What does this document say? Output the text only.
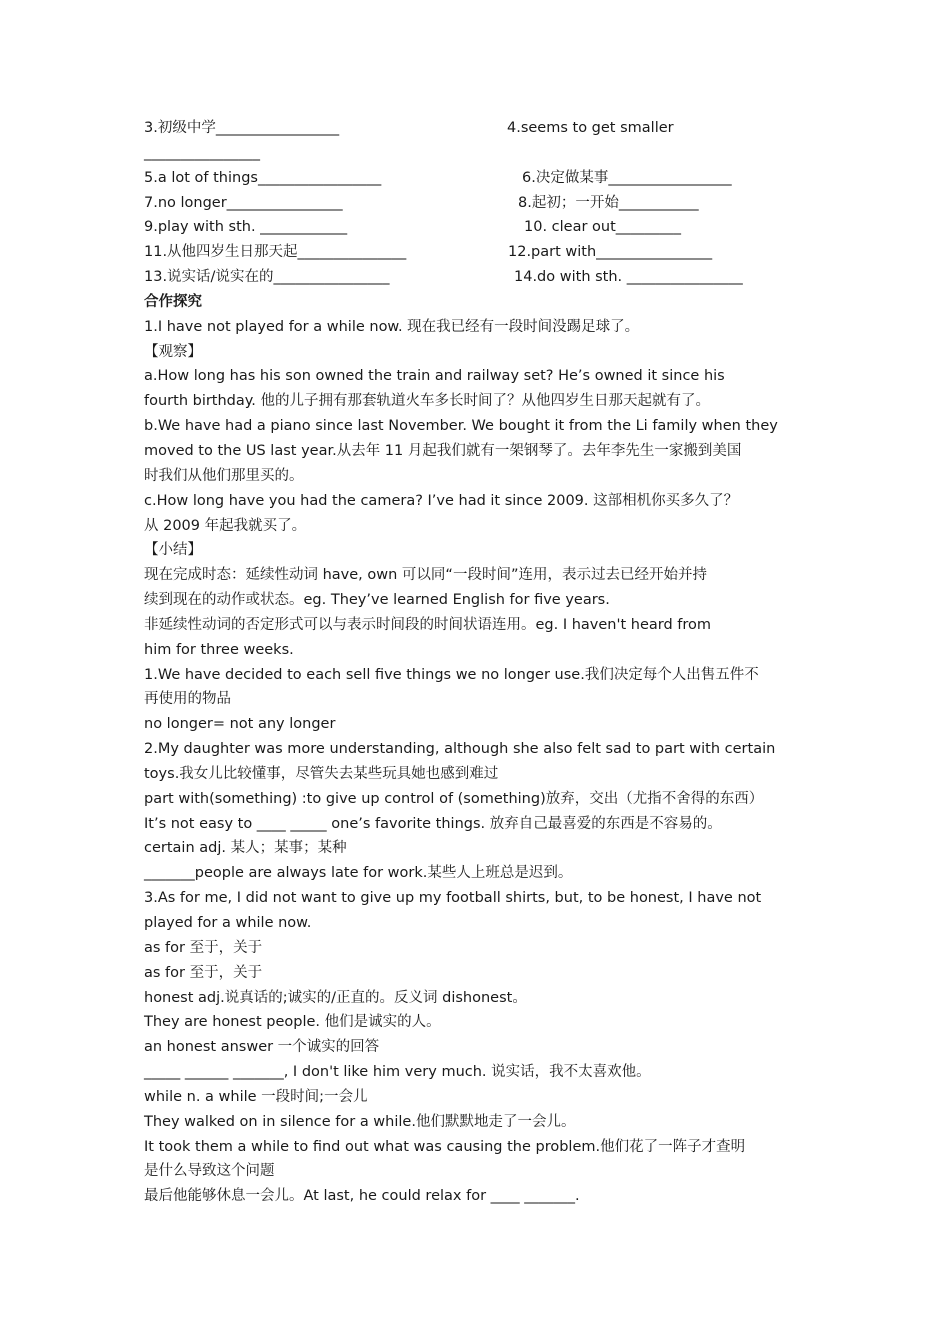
3.初级中学_________________	4.seems to get smaller
________________
5.a lot of things_________________	6.决定做某事_________________
7.no longer________________	8.起初；一开始___________
9.play with sth. ____________	10. clear out_________
11.从他四岁生日那天起_______________	12.part with________________
13.说实话/说实在的________________	14.do with sth. ________________
合作探究
1.I have not played for a while now. 现在我已经有一段时间没踢足球了。
【观察】
a.How long has his son owned the train and railway set? He’s owned it since his
fourth birthday. 他的儿子拥有那套轨道火车多长时间了？从他四岁生日那天起就有了。
b.We have had a piano since last November. We bought it from the Li family when they
moved to the US last year.从去年 11 月起我们就有一架钢琴了。去年李先生一家搬到美国
时我们从他们那里买的。
c.How long have you had the camera? I’ve had it since 2009. 这部相机你买多久了？
从 2009 年起我就买了。
【小结】
现在完成时态：延续性动词 have, own 可以同“一段时间”连用，表示过去已经开始并持
续到现在的动作或状态。eg. They’ve learned English for five years.
非延续性动词的否定形式可以与表示时间段的时间状语连用。eg. I haven't heard from
him for three weeks.
1.We have decided to each sell five things we no longer use.我们决定每个人出售五件不
再使用的物品
no longer= not any longer
2.My daughter was more understanding, although she also felt sad to part with certain
toys.我女儿比较懂事，尽管失去某些玩具她也感到难过
part with(something) :to give up control of (something)放弃，交出（尤指不舍得的东西）
It’s not easy to ____ _____ one’s favorite things. 放弃自己最喜爱的东西是不容易的。
certain adj. 某人；某事；某种
_______people are always late for work.某些人上班总是迟到。
3.As for me, I did not want to give up my football shirts, but, to be honest, I have not
played for a while now.
as for 至于，关于
as for 至于，关于
honest adj.说真话的;诚实的/正直的。反义词 dishonest。
They are honest people. 他们是诚实的人。
an honest answer 一个诚实的回答
_____ ______ _______, I don't like him very much. 说实话，我不太喜欢他。
while n. a while 一段时间;一会儿
They walked on in silence for a while.他们默默地走了一会儿。
It took them a while to find out what was causing the problem.他们花了一阵子才查明
是什么导致这个问题
最后他能够休息一会儿。At last, he could relax for ____ _______.
